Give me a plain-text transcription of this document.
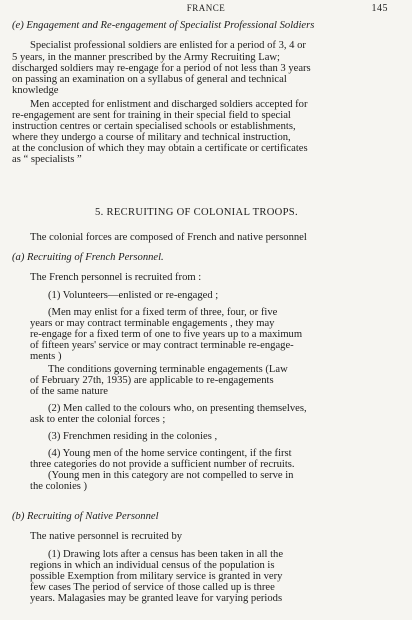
FRANCE	145
(e) Engagement and Re-engagement of Specialist Professional Soldiers
Specialist professional soldiers are enlisted for a period of 3, 4 or
5 years, in the manner prescribed by the Army Recruiting Law;
discharged soldiers may re-engage for a period of not less than 3 years
on passing an examination on a syllabus of general and technical
knowledge
Men accepted for enlistment and discharged soldiers accepted for
re-engagement are sent for training in their special field to special
instruction centres or certain specialised schools or establishments,
where they undergo a course of military and technical instruction,
at the conclusion of which they may obtain a certificate or certificates
as “ specialists ”
5. RECRUITING OF COLONIAL TROOPS.
The colonial forces are composed of French and native personnel
(a) Recruiting of French Personnel.
The French personnel is recruited from :
(1) Volunteers—enlisted or re-engaged ;
(Men may enlist for a fixed term of three, four, or five
years or may contract terminable engagements , they may
re-engage for a fixed term of one to five years up to a maximum
of fifteen years' service or may contract terminable re-engage-
ments )
The conditions governing terminable engagements (Law
of February 27th, 1935) are applicable to re-engagements
of the same nature
(2) Men called to the colours who, on presenting themselves,
ask to enter the colonial forces ;
(3) Frenchmen residing in the colonies ,
(4) Young men of the home service contingent, if the first
three categories do not provide a sufficient number of recruits.
(Young men in this category are not compelled to serve in
the colonies )
(b) Recruiting of Native Personnel
The native personnel is recruited by
(1) Drawing lots after a census has been taken in all the
regions in which an individual census of the population is
possible Exemption from military service is granted in very
few cases The period of service of those called up is three
years. Malagasies may be granted leave for varying periods
